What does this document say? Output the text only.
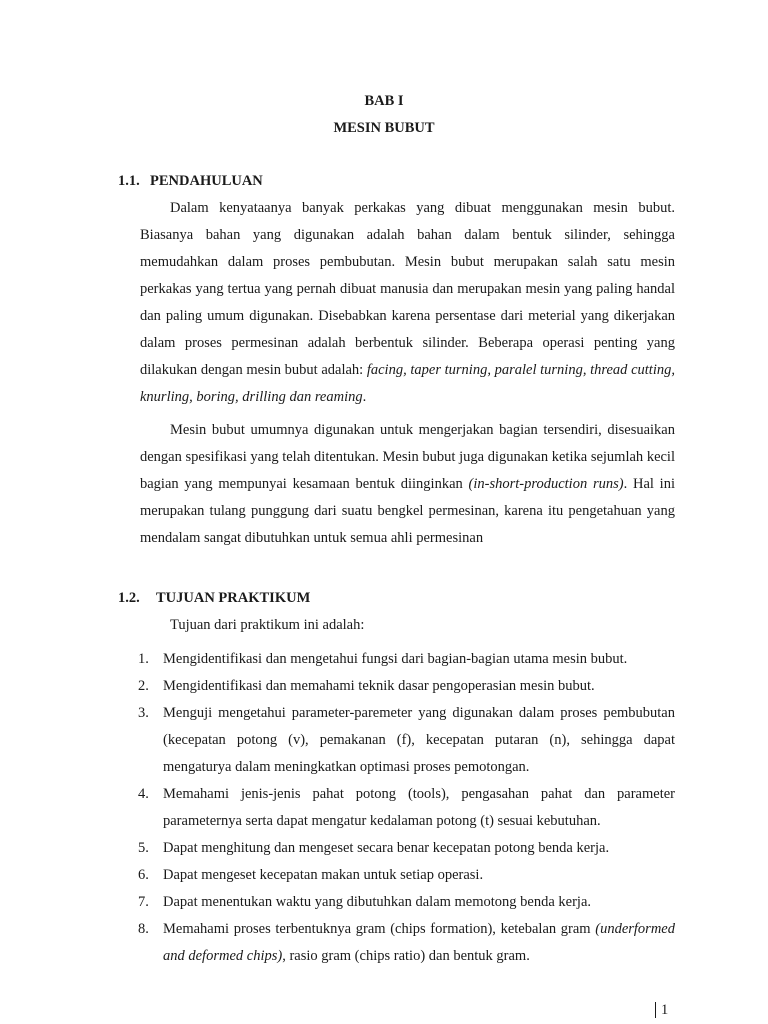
BAB I
MESIN BUBUT
1.1. PENDAHULUAN

Dalam kenyataanya banyak perkakas yang dibuat menggunakan mesin bubut. Biasanya bahan yang digunakan adalah bahan dalam bentuk silinder, sehingga memudahkan dalam proses pembubutan. Mesin bubut merupakan salah satu mesin perkakas yang tertua yang pernah dibuat manusia dan merupakan mesin yang paling handal dan paling umum digunakan. Disebabkan karena persentase dari meterial yang dikerjakan dalam proses permesinan adalah berbentuk silinder. Beberapa operasi penting yang dilakukan dengan mesin bubut adalah: facing, taper turning, paralel turning, thread cutting, knurling, boring, drilling dan reaming.

Mesin bubut umumnya digunakan untuk mengerjakan bagian tersendiri, disesuaikan dengan spesifikasi yang telah ditentukan. Mesin bubut juga digunakan ketika sejumlah kecil bagian yang mempunyai kesamaan bentuk diinginkan (in-short-production runs). Hal ini merupakan tulang punggung dari suatu bengkel permesinan, karena itu pengetahuan yang mendalam sangat dibutuhkan untuk semua ahli permesinan

1.2. TUJUAN PRAKTIKUM
Tujuan dari praktikum ini adalah:
1. Mengidentifikasi dan mengetahui fungsi dari bagian-bagian utama mesin bubut.
2. Mengidentifikasi dan memahami teknik dasar pengoperasian mesin bubut.
3. Menguji mengetahui parameter-paremeter yang digunakan dalam proses pembubutan (kecepatan potong (v), pemakanan (f), kecepatan putaran (n), sehingga dapat mengaturya dalam meningkatkan optimasi proses pemotongan.
4. Memahami jenis-jenis pahat potong (tools), pengasahan pahat dan parameter parameternya serta dapat mengatur kedalaman potong (t) sesuai kebutuhan.
5. Dapat menghitung dan mengeset secara benar kecepatan potong benda kerja.
6. Dapat mengeset kecepatan makan untuk setiap operasi.
7. Dapat menentukan waktu yang dibutuhkan dalam memotong benda kerja.
8. Memahami proses terbentuknya gram (chips formation), ketebalan gram (underformed and deformed chips), rasio gram (chips ratio) dan bentuk gram.
1
